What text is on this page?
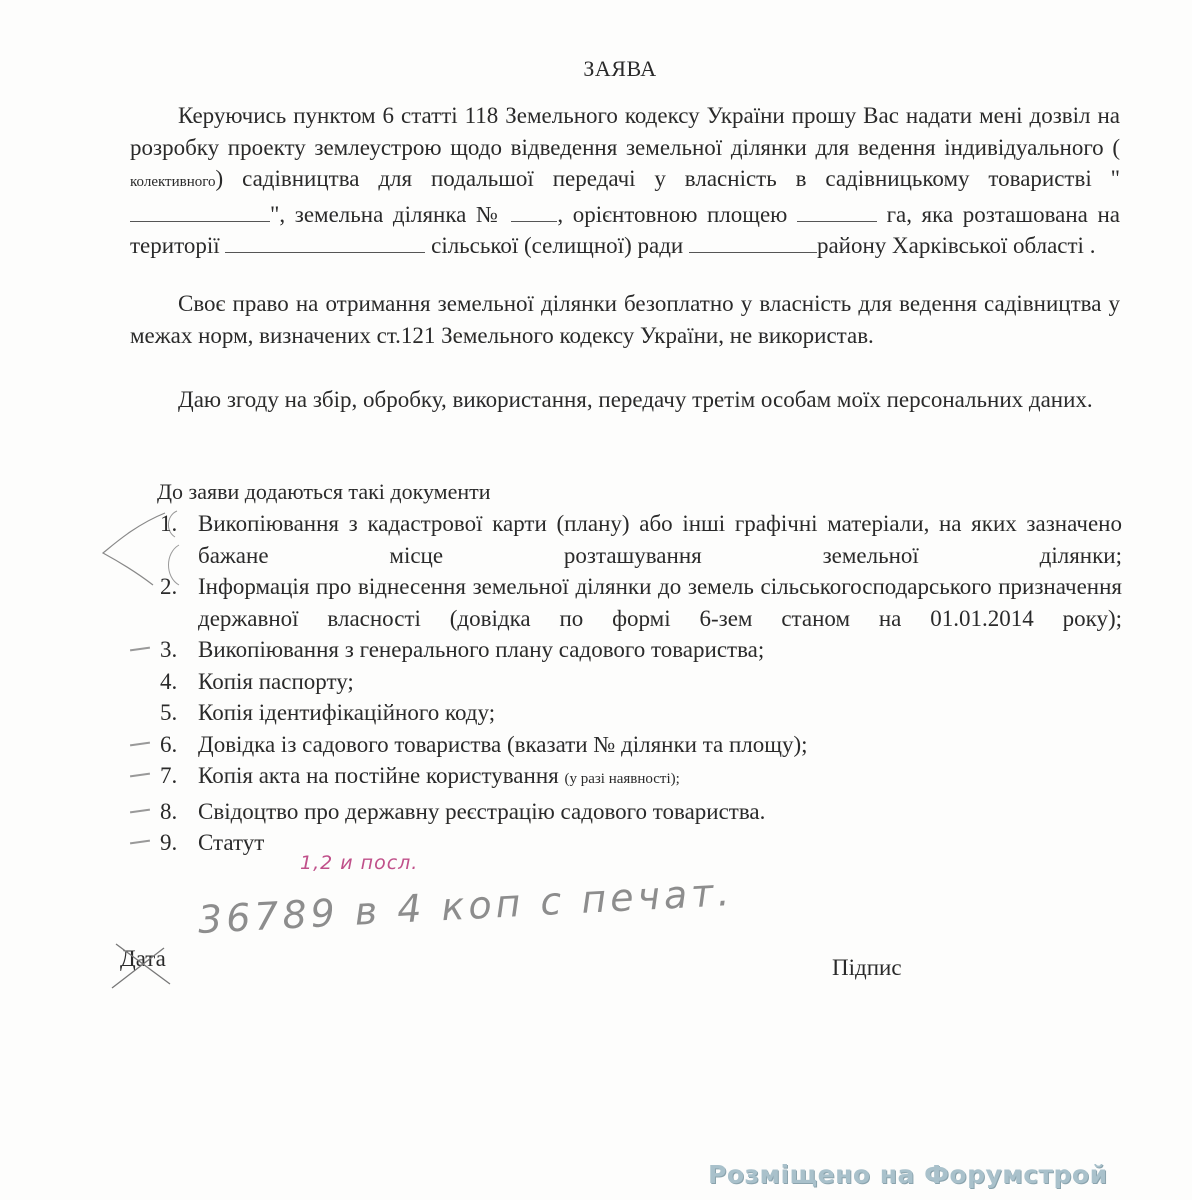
ЗАЯВА
Керуючись пунктом 6 статті 118 Земельного кодексу України прошу Вас надати мені дозвіл на розробку проекту землеустрою щодо відведення земельної ділянки для ведення індивідуального ( колективного) садівництва для подальшої передачі у власність в садівницькому товаристві "", земельна ділянка № , орієнтовною площею	га, яка розташована на території	сільської (селищної) ради	району Харківської області .
Своє право на отримання земельної ділянки безоплатно у власність для ведення садівництва у межах норм, визначених ст.121 Земельного кодексу України, не використав.
Даю згоду на збір, обробку, використання, передачу третім особам моїх персональних даних.
До заяви додаються такі документи
1. Викопіювання з кадастрової карти (плану) або інші графічні матеріали, на яких зазначено бажане місце розташування земельної ділянки;
2. Інформація про віднесення земельної ділянки до земель сільськогосподарського призначення державної власності (довідка по формі 6-зем станом на 01.01.2014 року);
3. Викопіювання з генерального плану садового товариства;
4. Копія паспорту;
5. Копія ідентифікаційного коду;
6. Довідка із садового товариства (вказати № ділянки та площу);
7. Копія акта на постійне користування (у разі наявності);
8. Свідоцтво про державну реєстрацію садового товариства.
9. Статут
1,2 и посл.
36789 в 4 коп с печат.
Дата	Підпис
Розміщено на Форумстрой
